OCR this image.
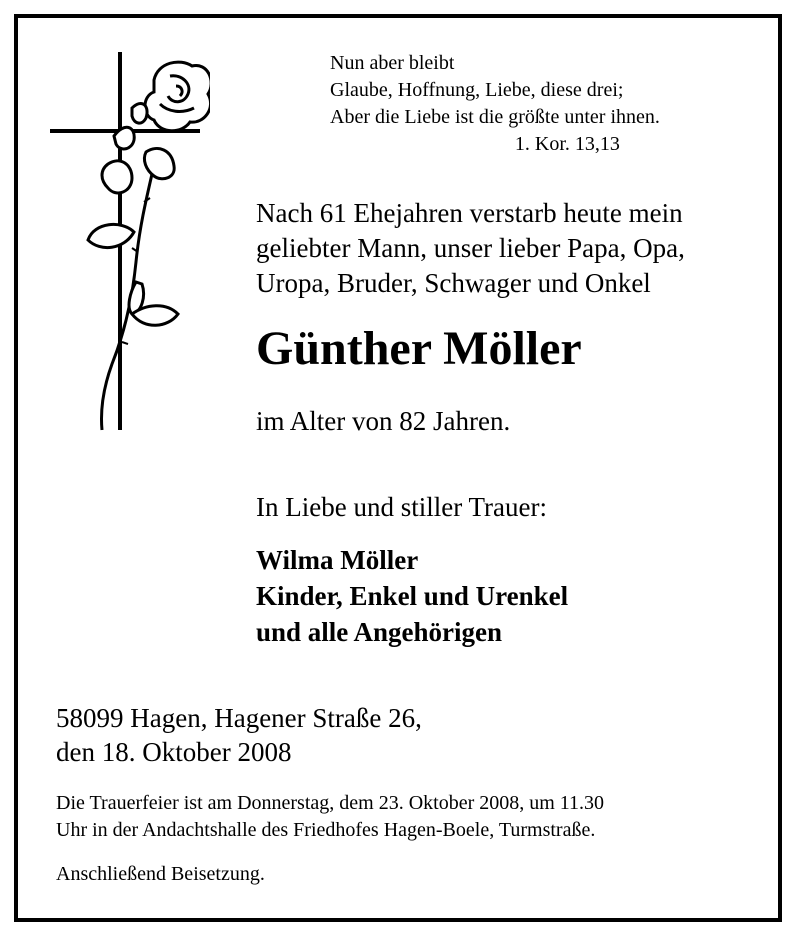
Nun aber bleibt
Glaube, Hoffnung, Liebe, diese drei;
Aber die Liebe ist die größte unter ihnen.
1. Kor. 13,13
Nach 61 Ehejahren verstarb heute mein
geliebter Mann, unser lieber Papa, Opa,
Uropa, Bruder, Schwager und Onkel
Günther Möller
im Alter von 82 Jahren.
In Liebe und stiller Trauer:
Wilma Möller
Kinder, Enkel und Urenkel
und alle Angehörigen
58099 Hagen, Hagener Straße 26,
den 18. Oktober 2008
Die Trauerfeier ist am Donnerstag, dem 23. Oktober 2008, um 11.30
Uhr in der Andachtshalle des Friedhofes Hagen-Boele, Turmstraße.
Anschließend Beisetzung.
